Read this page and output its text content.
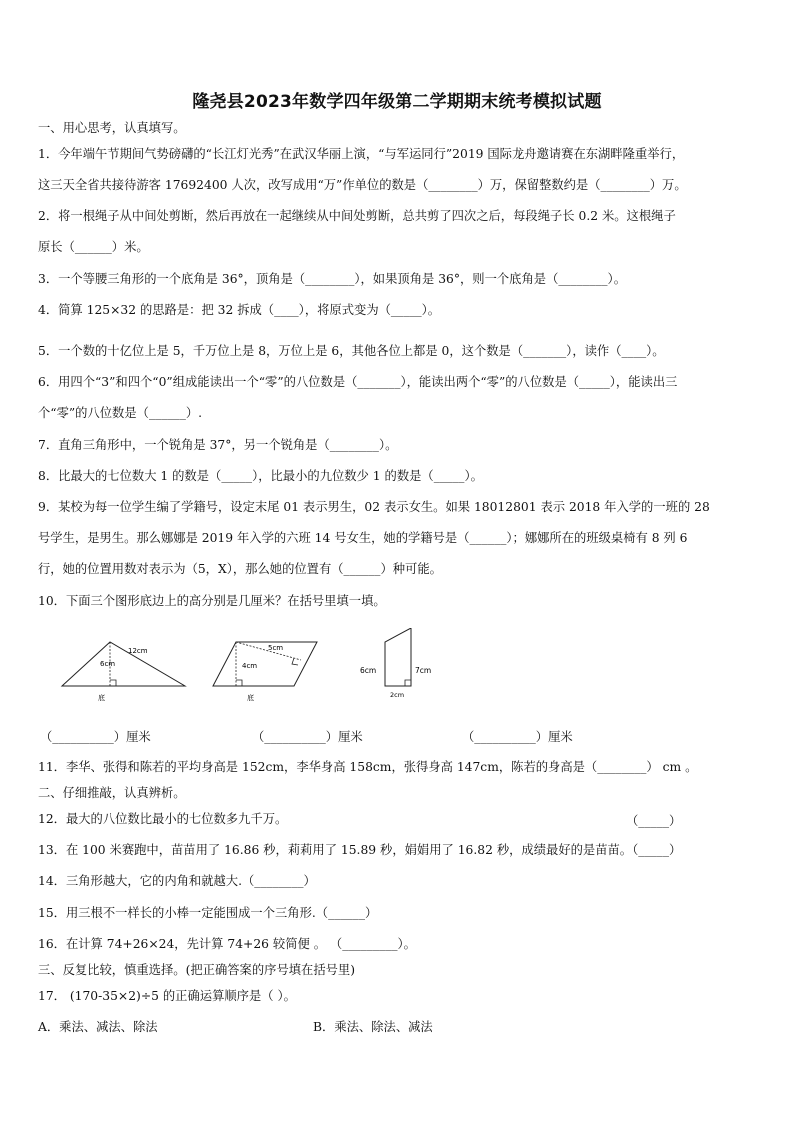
隆尧县2023年数学四年级第二学期期末统考模拟试题
一、用心思考，认真填写。
1．今年端午节期间气势磅礴的“长江灯光秀”在武汉华丽上演，“与军运同行”2019 国际龙舟邀请赛在东湖畔隆重举行，
这三天全省共接待游客 17692400 人次，改写成用“万”作单位的数是（________）万，保留整数约是（________）万。
2．将一根绳子从中间处剪断，然后再放在一起继续从中间处剪断，总共剪了四次之后，每段绳子长 0.2 米。这根绳子
原长（______）米。
3．一个等腰三角形的一个底角是 36°，顶角是（________），如果顶角是 36°，则一个底角是（________）。
4．简算 125×32 的思路是：把 32 拆成（____），将原式变为（_____）。
5．一个数的十亿位上是 5，千万位上是 8，万位上是 6，其他各位上都是 0，这个数是（_______），读作（____）。
6．用四个“3”和四个“0”组成能读出一个“零”的八位数是（_______），能读出两个“零”的八位数是（_____），能读出三
个“零”的八位数是（______）.
7．直角三角形中，一个锐角是 37°，另一个锐角是（________）。
8．比最大的七位数大 1 的数是（_____），比最小的九位数少 1 的数是（_____）。
9．某校为每一位学生编了学籍号，设定末尾 01 表示男生，02 表示女生。如果 18012801 表示 2018 年入学的一班的 28
号学生，是男生。那么娜娜是 2019 年入学的六班 14 号女生，她的学籍号是（______）；娜娜所在的班级桌椅有 8 列 6
行，她的位置用数对表示为（5，X），那么她的位置有（______）种可能。
10．下面三个图形底边上的高分别是几厘米？在括号里填一填。
6cm
12cm
底
4cm
5cm
底
6cm	7cm
2cm
（__________）厘米	（__________）厘米	（__________）厘米
11．李华、张得和陈若的平均身高是 152cm，李华身高 158cm，张得身高 147cm，陈若的身高是（________） cm 。
二、仔细推敲，认真辨析。
12．最大的八位数比最小的七位数多九千万。	（_____）
13．在 100 米赛跑中，苗苗用了 16.86 秒，莉莉用了 15.89 秒，娟娟用了 16.82 秒，成绩最好的是苗苗。（_____）
14．三角形越大，它的内角和就越大.（________）
15．用三根不一样长的小棒一定能围成一个三角形.（______）
16．在计算 74+26×24，先计算 74+26 较简便 。 （_________）。
三、反复比较，慎重选择。(把正确答案的序号填在括号里)
17． (170-35×2)÷5 的正确运算顺序是（ ）。
A．乘法、减法、除法	B．乘法、除法、减法
